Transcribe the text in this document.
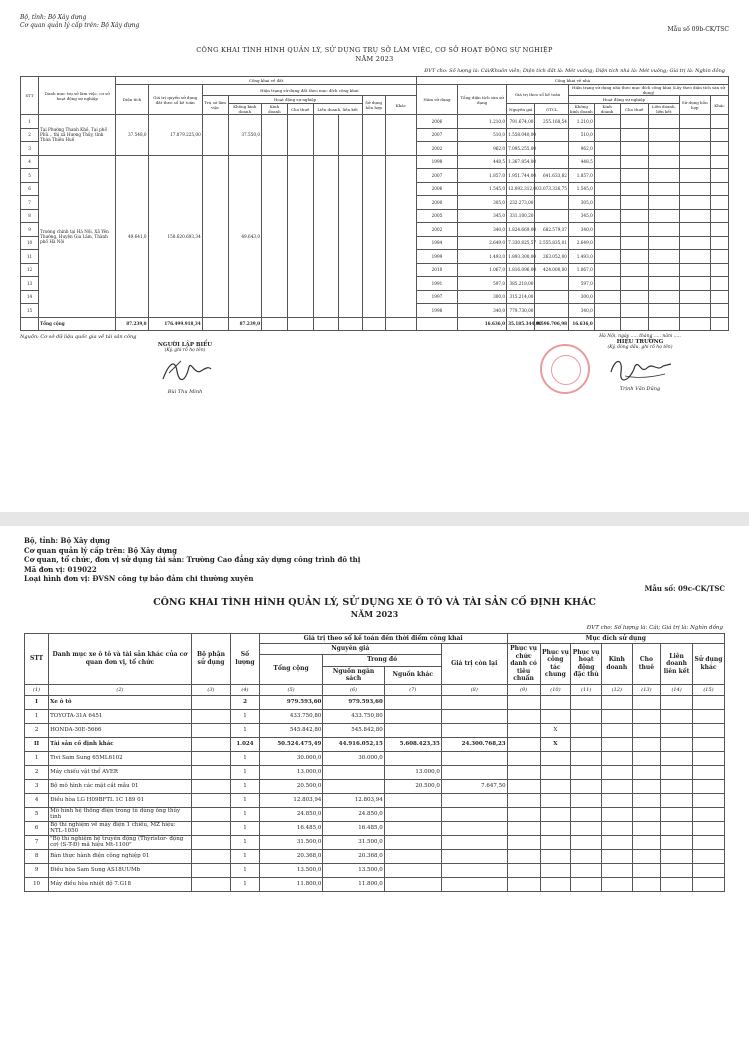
Bộ, tỉnh: Bộ Xây dựng
Cơ quan quản lý cấp trên: Bộ Xây dựng
Mẫu số 09b-CK/TSC
CÔNG KHAI TÌNH HÌNH QUẢN LÝ, SỬ DỤNG TRỤ SỞ LÀM VIỆC, CƠ SỞ HOẠT ĐỘNG SỰ NGHIỆP
NĂM 2023
ĐVT cho: Số lượng là: Cái/Khuôn viên; Diện tích đất là: Mét vuông; Diện tích nhà là: Mét vuông; Giá trị là: Nghìn đồng
STT	Danh mục trụ sở làm việc, cơ sở hoạt động sự nghiệp	Công khai về đất										Công khai về nhà									
		Diện tích	Giá trị quyền sử dụng đất theo sổ kế toán	Hiện trạng sử dụng đất theo mục đích công khai								Năm sử dụng	Tổng diện tích sàn sử dụng	Giá trị theo sổ kế toán		Hiện trạng sử dụng nhà theo mục đích công khai (Lấy theo diện tích sàn sử dụng)					
				Trụ sở làm việc	Hoạt động sự nghiệp					Sử dụng hỗn hợp	Khác					Hoạt động sự nghiệp				Sử dụng hỗn hợp	Khác
					Không kinh doanh	Kinh doanh	Cho thuê	Liên doanh, liên kết						Nguyên giá	GTCL	Không kinh doanh	Kinh doanh	Cho thuê	Liên doanh, liên kết		
1	Tại Phường Thanh Khê, Tại phố Phủ... thị xã Hương Thủy, tỉnh Thừa Thiên Huế	37.548,0	17.879.225,00		37.550,0							2006	1.210,0	791.674,00	255.168,54	1.210,0					
2												2007	510,0	1.558.040,00		510,0					
3												2002	962,0	7.095.255,00		962,0					
4	Trường chính tại Hà Nội, Xã Yên Thường, Huyện Gia Lâm, Thành phố Hà Nội	49.641,0	158.620.693,34		49.643,0							1998	448,5	1.367.854,00		448,5					
5												2007	1.857,0	1.951.744,00	641.633,82	1.857,0					
6												2006	1.545,0	12.092.312,00	3.073.326,75	1.545,0					
7												2000	305,0	232.273,00		305,0					
8												2005	345,0	331.100,20		345,0					
9												2002	340,0	1.824.669,00	682.579,37	340,0					
10												1984	2.649,0	7.330.825,57	2.555.835,01	2.649,0					
11												1999	1.493,0	1.893.300,00	263.052,00	1.493,0					
12												2010	1.067,0	1.816.096,00	424.000,00	1.067,0					
13												1991	597,0	385.218,00		597,0					
14												1997	300,0	315.214,00		300,0					
15												1998	340,0	779.730,00		340,0					
	Tổng cộng	87.239,0	176.499.918,34		87.239,0								16.636,0	35.185.344,00	9.596.706,98	16.636,0					
Nguồn: Cơ sở dữ liệu quốc gia về tài sản công
NGƯỜI LẬP BIỂU
(Ký, ghi rõ họ tên)
Bùi Thu Minh
Hà Nội, ngày ..... tháng ..... năm .....
HIỆU TRƯỞNG
(Ký, đóng dấu, ghi rõ họ tên)
Trịnh Văn Dũng
Bộ, tỉnh: Bộ Xây dựng
Cơ quan quản lý cấp trên: Bộ Xây dựng
Cơ quan, tổ chức, đơn vị sử dụng tài sản: Trường Cao đẳng xây dựng công trình đô thị
Mã đơn vị: 019022
Loại hình đơn vị: ĐVSN công tự bảo đảm chi thường xuyên
Mẫu số: 09c-CK/TSC
CÔNG KHAI TÌNH HÌNH QUẢN LÝ, SỬ DỤNG XE Ô TÔ VÀ TÀI SẢN CỐ ĐỊNH KHÁC
NĂM 2023
ĐVT cho: Số lượng là: Cái; Giá trị là: Nghìn đồng
STT	Danh mục xe ô tô và tài sản khác của cơ quan đơn vị, tổ chức	Bộ phận sử dụng	Số lượng	Giá trị theo sổ kế toán đến thời điểm công khai				Mục đích sử dụng						
				Nguyên giá			Giá trị còn lại	Phục vụ chức danh có tiêu chuẩn	Phục vụ công tác chung	Phục vụ hoạt động đặc thù	Kinh doanh	Cho thuê	Liên doanh liên kết	Sử dụng khác
				Tổng cộng	Trong đó									
					Nguồn ngân sách	Nguồn khác								
(1)	(2)	(3)	(4)	(5)	(6)	(7)	(8)	(9)	(10)	(11)	(12)	(13)	(14)	(15)
I	Xe ô tô		2	979.593,60	979.593,60									
1	TOYOTA-31A 6451		1	433.750,80	433.750,80									
2	HONDA-30E-5666		1	545.842,80	545.842,80				X					
II	Tài sản cố định khác		1.024	50.524.475,49	44.916.052,15	5.608.423,35	24.300.768,23		X					
1	Tivi Sam Sung 65ML6102		1	30.000,0	30.000,0									
2	Máy chiếu vật thể AVER		1	13.000,0		13.000,0								
3	Bộ mô hình các mặt cắt mẫu 01		1	20.500,0		20.500,0	7.647,50							
4	Điều hòa LG H09BFTL 1C 189 01		1	12.803,94	12.803,94									
5	Mô hình hệ thống điện trong tủ dùng ống thủy tinh		1	24.850,0	24.850,0									
6	Bộ thí nghiệm về máy điện 1 chiều, MZ hiệu: NTL-1050		1	16.485,0	16.485,0									
7	"Bộ thí nghiệm hệ truyền động (Thyristor- động cơ) (S-T-Đ) mã hiệu Mt-1100"		1	31.500,0	31.500,0									
8	Bàn thực hành điện công nghiệp 01		1	20.368,0	20.368,0									
9	Điều hòa Sam Sung AS18UUMb		1	13.500,0	13.500,0									
10	Máy điều hòa nhiệt độ 7.G18		1	11.800,0	11.800,0									
